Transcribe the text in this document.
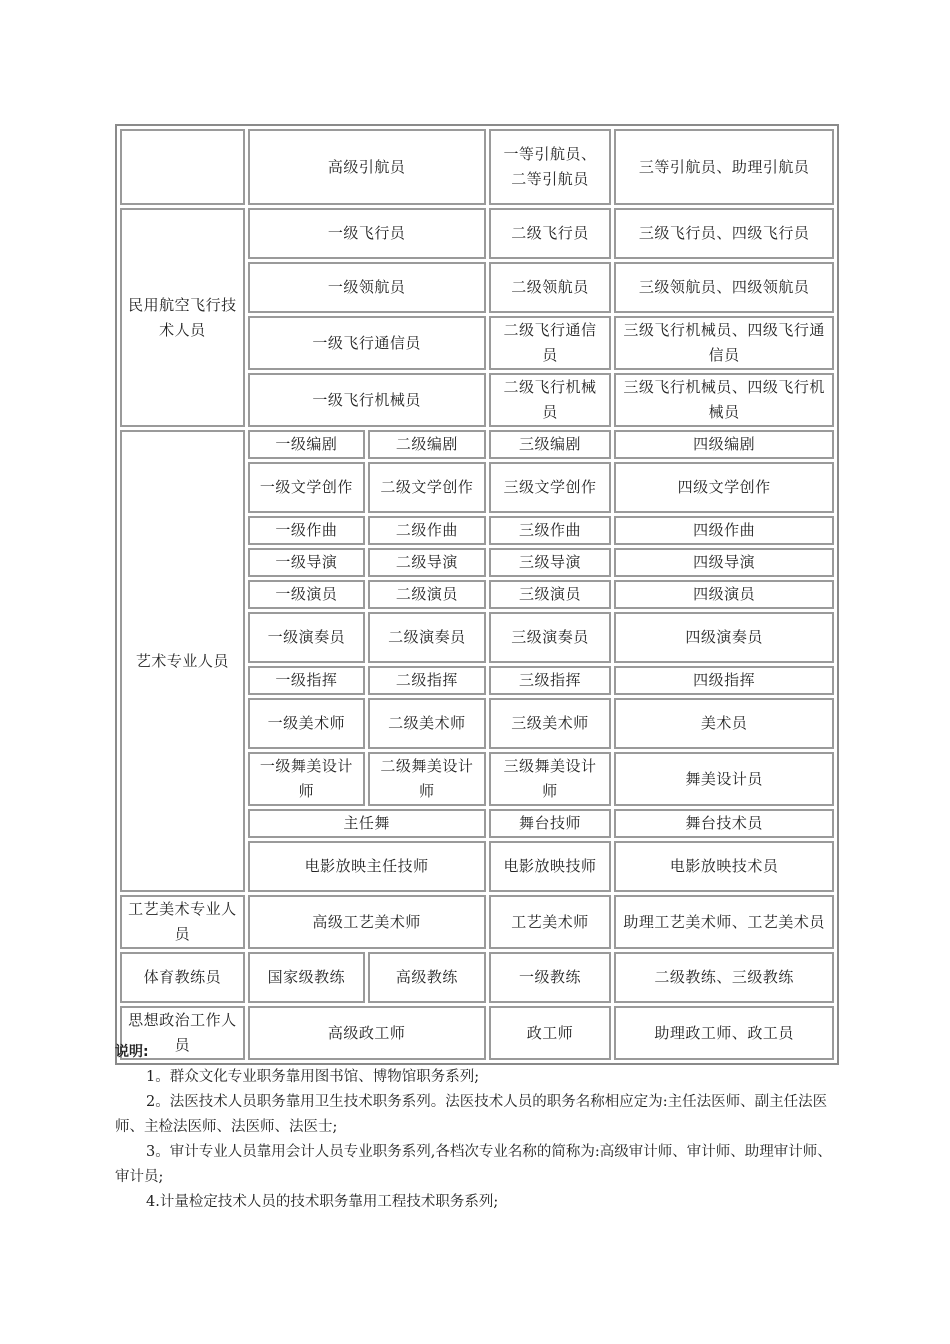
	高级引航员		一等引航员、二等引航员	三等引航员、助理引航员
民用航空飞行技术人员	一级飞行员		二级飞行员	三级飞行员、四级飞行员
	一级领航员		二级领航员	三级领航员、四级领航员
	一级飞行通信员		二级飞行通信员	三级飞行机械员、四级飞行通信员
	一级飞行机械员		二级飞行机械员	三级飞行机械员、四级飞行机械员
艺术专业人员	一级编剧	二级编剧	三级编剧	四级编剧
	一级文学创作	二级文学创作	三级文学创作	四级文学创作
	一级作曲	二级作曲	三级作曲	四级作曲
	一级导演	二级导演	三级导演	四级导演
	一级演员	二级演员	三级演员	四级演员
	一级演奏员	二级演奏员	三级演奏员	四级演奏员
	一级指挥	二级指挥	三级指挥	四级指挥
	一级美术师	二级美术师	三级美术师	美术员
	一级舞美设计师	二级舞美设计师	三级舞美设计师	舞美设计员
	主任舞		舞台技师	舞台技术员
	电影放映主任技师		电影放映技师	电影放映技术员
工艺美术专业人员	高级工艺美术师		工艺美术师	助理工艺美术师、工艺美术员
体育教练员	国家级教练	高级教练	一级教练	二级教练、三级教练
思想政治工作人员	高级政工师		政工师	助理政工师、政工员
说明:

1。群众文化专业职务靠用图书馆、博物馆职务系列;

2。法医技术人员职务靠用卫生技术职务系列。法医技术人员的职务名称相应定为:主任法医师、副主任法医师、主检法医师、法医师、法医士;

3。审计专业人员靠用会计人员专业职务系列,各档次专业名称的简称为:高级审计师、审计师、助理审计师、审计员;

4.计量检定技术人员的技术职务靠用工程技术职务系列;
